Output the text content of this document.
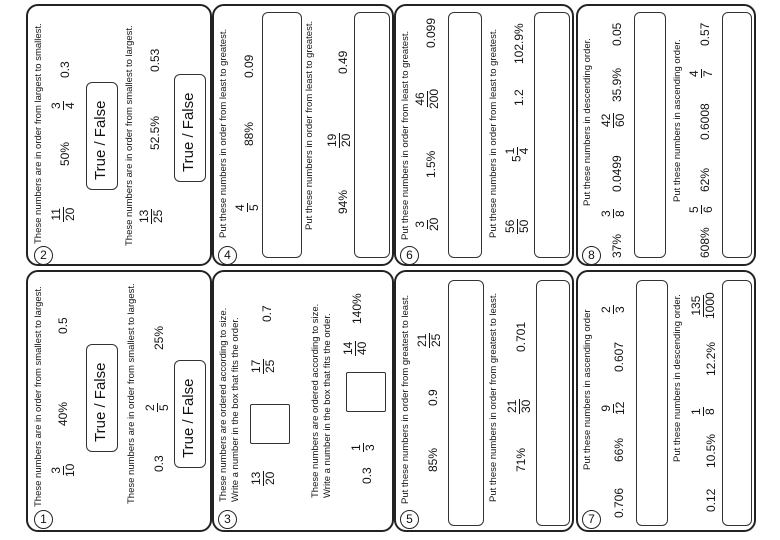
1
These numbers are in order from smallest to largest. 3 10
40%
0.5
True / False These numbers are in order from smallest to largest. 0.3
2 5
25%
True / False
2
These numbers are in order from largest to smallest. 11 20
50%
3 4
0.3
True / False These numbers are in order from smallest to largest. 13 25
52.5%
0.53
True / False
3
These numbers are ordered according to size. Write a number in the box that fits the order. 13 20
17 25
0.7	These numbers are ordered according to size. Write a number in the box that fits the order. 0.3
1 3
14 40
140%
4
Put these numbers in order from least to greatest. 4 5
88%
0.09	Put these numbers in order from least to greatest. 94%
19 20
0.49
5
Put these numbers in order from greatest to least. 85%
0.9
21 25	Put these numbers in order from greatest to least. 71%
21 30
0.701
6
Put these numbers in order from least to greatest. 3 20
1.5%
46 200
0.099	Put these numbers in order from least to greatest. 56 50
5
1 4
1.2
102.9%
7
Put these numbers in ascending order
0.706
66%
9 12
0.607
2 3	Put these numbers in descending order.
0.12
10.5%
1 8
12.2%
135 1000
8
Put these numbers in descending order.
37%
3 8
0.0499
42 60
35.9%
0.05
Put these numbers in ascending order.
608%
5 6
62%
0.6008
4 7
0.57
